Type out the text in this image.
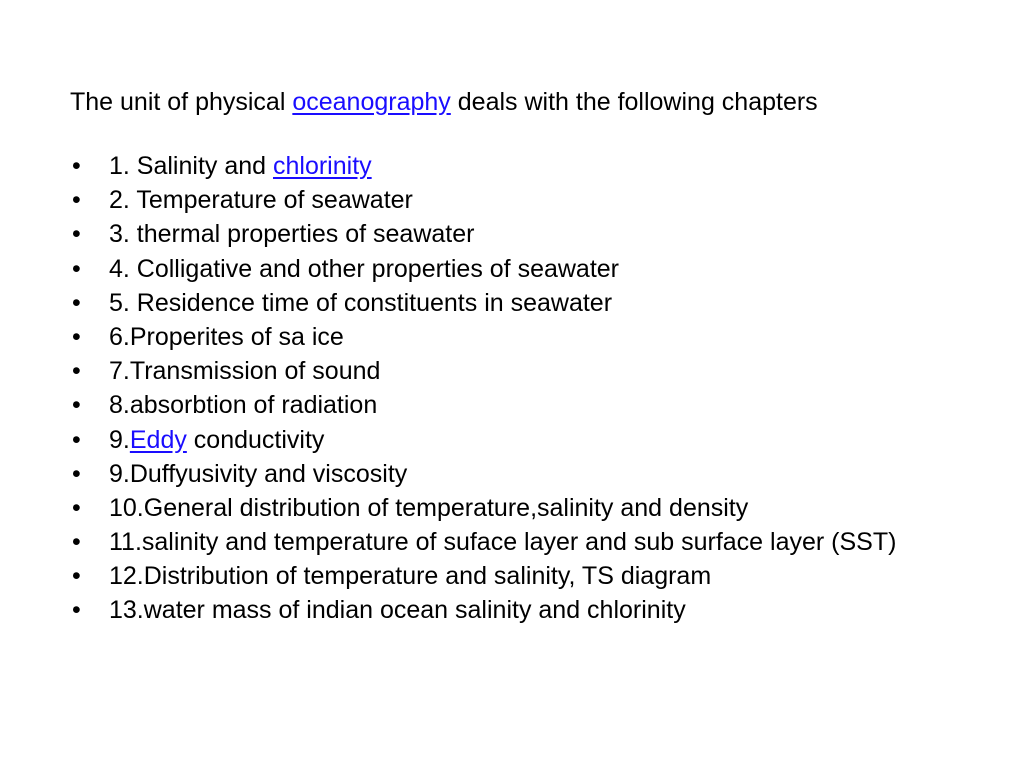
The unit of physical oceanography deals with the following chapters
• 1. Salinity and chlorinity
• 2. Temperature of seawater
• 3. thermal properties of seawater
• 4. Colligative and other properties of seawater
• 5. Residence time of constituents in seawater
• 6.Properites of sa ice
• 7.Transmission of sound
• 8.absorbtion of radiation
• 9.Eddy conductivity
• 9.Duffyusivity and viscosity
• 10.General distribution of temperature,salinity and density
• 11.salinity and temperature of suface layer and sub surface layer (SST)
• 12.Distribution of temperature and salinity, TS diagram
• 13.water mass of indian ocean salinity and chlorinity
